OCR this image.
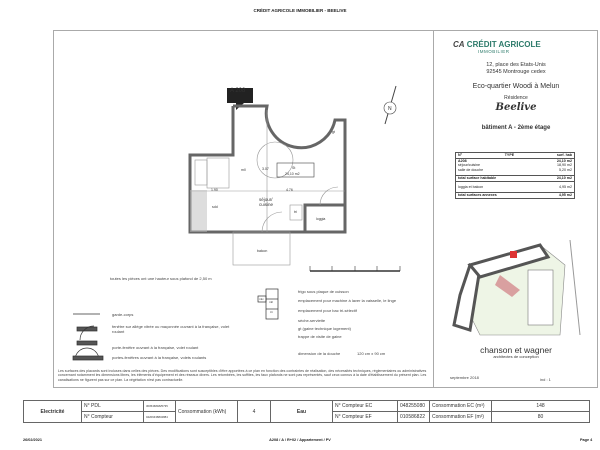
CRÉDIT AGRICOLE IMMOBILIER - BEELIVE
A 208
St
24,10 m2
séjour/
cuisine
sdd
loggia
balcon
4.76
1.90
3.07
mll
tri
gt
N
mlv
mll
tri
toutes les pièces ont une hauteur sous plafond de 2,50 m
garde-corps
fenêtre sur allège vitrée ou maçonnée ouvrant à la française, volet roulant
porte-fenêtre ouvrant à la française, volet roulant
portes-fenêtres ouvrant à la française, volets roulants
frigo sous plaque de cuisson
emplacement pour machine à laver la vaisselle, le linge
emplacement pour bac tri-sélectif
sèche-serviette
gt (gaine technique logement)
trappe de visite de gaine
dimension de la douche	120 cm x 90 cm
Les surfaces des placards sont incluses dans celles des pièces. Des modifications sont susceptibles d'être apportées à ce plan en fonction des contraintes de réalisation, des nécessités techniques, réglementaires ou administratives concernant notamment les dimensions libres, les éléments d'équipement et des réseaux divers. Les retombées, les soffites, les faux plafonds ne sont pas représentés, sauf ceux connus à la date d'établissement du présent plan. Les canalisations ne figurent pas sur ce plan. La végétation n'est pas contractuelle.
CA CRÉDIT AGRICOLE
IMMOBILIER
12, place des Etats-Unis
92545 Montrouge cedex
Eco-quartier Woodi à Melun
Résidence
Beelive
bâtiment A - 2ème étage
N°	TYPE	surf. hab
A208	24,10 m2
séjour/cuisine	18,90 m2
salle de douche	5,20 m2
total surface habitable	24,10 m2
loggia et balcon	4,95 m2
total surfaces annexes	4,95 m2
chanson et wagner
architectes de conception
septembre 2018	ind : 1
Electricité	N° PDL	30054684825735	Consommation (kWh)	4	Eau	N° Compteur EC	048255080	Consommation EC (m³)	148
N° Compteur	04206438834884	N° Compteur EF	010586822	Consommation EF (m³)	80
26/02/2021	A208 / A / R+02 / Appartement / PV	Page 4
